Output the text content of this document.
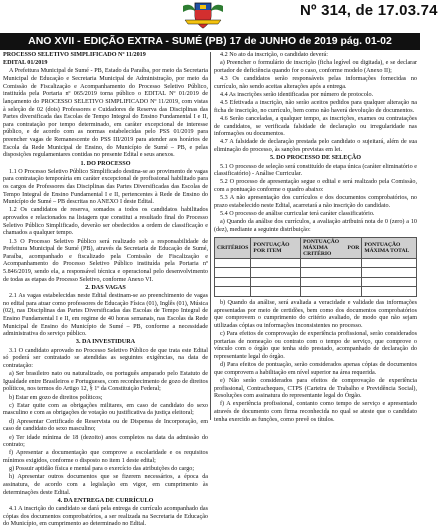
Nº 314, de 17.03.74
ANO XVII - EDIÇÃO EXTRA - SUMÉ (PB) 17 de JUNHO de 2019 pág. 01-02

PROCESSO SELETIVO SIMPLIFICADO Nº 11/2019

EDITAL 01/2019

A Prefeitura Municipal de Sumé - PB, Estado da Paraíba, por meio da Secretaria Municipal de Educação e Secretaria Municipal de Administração, por meio da Comissão de Fiscalização e Acompanhamento do Processo Seletivo Público, instituída pela Portaria nº 065/2019 torna público o EDITAL Nº 01/2019 de lançamento do PROCESSO SELETIVO SIMPLIFICADO Nº 11/2019, com vistas à seleção de 02 (dois) Professores e Cuidadores de Reserva das Disciplinas das Partes diversificada das Escolas de Tempo Integral do Ensino Fundamental I e II, para contratação por tempo determinado, em caráter excepcional de interesse público, e de acordo com as normas estabelecidas pelo PSS 01/2019 para preencher vagas de Remanescente do PSS III/2019 para atender aos horários de Escola da Rede Municipal de Ensino, do Município de Sumé – PB, e pelas disposições regulamentares contidas no presente Edital e seus anexos.

1. DO PROCESSO

1.1 O Processo Seletivo Público Simplificado destina-se ao provimento de vagas para contratação temporária em caráter excepcional de profissional habilitado para os cargos de Professores das Disciplinas das Partes Diversificadas das Escolas de Tempo Integral de Ensino Fundamental I e II, pertencentes à Rede de Ensino do Município de Sumé – PB descritas no ANEXO I deste Edital.

1.2 Os candidatos de reserva, somados a todos os candidatos habilitados aprovados e relacionados na listagem que constitui a resultado final do Processo Seletivo Público Simplificado, deverão ser obedecidos a ordem de classificação e chamados a qualquer tempo.

1.3 O Processo Seletivo Público será realizado sob a responsabilidade de Prefeitura Municipal de Sumé (PB), através da Secretaria de Educação de Sumé, Paraíba, acompanhado e fiscalizado pela Comissão de Fiscalização e Acompanhamento do Processo Seletivo Público instituída pela Portaria nº 5.846/2019, sendo ela, a responsável técnica e operacional pelo desenvolvimento de todas as etapas do Processo Seletivo, conforme Anexo VI.

2. DAS VAGAS

2.1 As vagas estabelecidas neste Edital destinam-se ao preenchimento de vagas no edital para atuar como professores de Educação Física (01), Inglês (01), Música (02), nas Disciplinas das Partes Diversificadas das Escolas de Tempo Integral de Ensino Fundamental I e II, em regime de 40 horas semanais, nas Escolas da Rede Municipal de Ensino do Município de Sumé – PB, conforme a necessidade administrativa do serviço público.

3. DA INVESTIDURA

3.1 O candidato aprovado no Processo Seletivo Público de que trata este Edital só poderá ser contratado se atendidas as seguintes exigências, na data de contratação:

a) Ser brasileiro nato ou naturalizado, ou português amparado pelo Estatuto de Igualdade entre Brasileiros e Portugueses, com reconhecimento de gozo de direitos políticos, nos termos do Artigo 12, § 1º da Constituição Federal;

b) Estar em gozo de direitos políticos;

c) Estar quite com as obrigações militares, em caso de candidato do sexo masculino e com as obrigações de votação ou justificativa da justiça eleitoral;

d) Apresentar Certificado de Reservista ou de Dispensa de Incorporação, em caso de candidato do sexo masculino;

e) Ter idade mínima de 18 (dezoito) anos completos na data da admissão do contrato;

f) Apresentar a documentação que comprove a escolaridade e os requisitos mínimos exigidos, conforme o disposto no item 1 deste edital;

g) Possuir aptidão física e mental para o exercício das atribuições do cargo;

h) Apresentar outros documentos que se fizerem necessários, a época da assinatura, de acordo com a legislação em vigor, em cumprimento às determinações deste Edital.

4. DA ENTREGA DE CURRÍCULO

4.1 A inscrição do candidato se dará pela entrega de currículo acompanhado das cópias dos documentos comprobatórios, a ser realizada na Secretaria de Educação do Município, em cumprimento ao determinado no Edital.

4.2 No ato da inscrição, o candidato deverá:

a) Preencher o formulário de inscrição (ficha legível ou digitada), e se declarar portador de deficiência quando for o caso, conforme modelo (Anexo II);

4.3 Os candidatos serão responsáveis pelas informações fornecidas no currículo, não sendo aceitas alterações após a entrega.

4.4 As inscrições serão identificadas por número de protocolo.

4.5 Efetivada a inscrição, não serão aceitos pedidos para qualquer alteração na ficha de inscrição, no currículo, bem como não haverá devolução de documentos.

4.6 Serão canceladas, a qualquer tempo, as inscrições, exames ou contratações de candidatos, se verificada falsidade de declaração ou irregularidade nas informações ou documentos.

4.7 A falsidade de declaração prestada pelo candidato o sujeitará, além de sua eliminação do processo, às sanções previstas em lei.

5. DO PROCESSO DE SELEÇÃO

5.1 O processo de seleção será constituído de etapa única (caráter eliminatório e classificatório) - Análise Curricular.

5.2 O processo de apresentação segue o edital e será realizado pela Comissão, com a pontuação conforme o quadro abaixo:

5.3 A não apresentação dos currículos e dos documentos comprobatórios, no prazo estabelecido neste Edital, acarretará a não inscrição do candidato.

5.4 O processo de análise curricular terá caráter classificatório.

a) Quando da análise dos currículos, a avaliação atribuirá nota de 0 (zero) a 10 (dez), mediante a seguinte distribuição:

CRITÉRIOS	PONTUAÇÃO POR ITEM	PONTUAÇÃO MÁXIMA POR CRITÉRIO	PONTUAÇÃO MÁXIMA TOTAL

b) Quando da análise, será avaliada a veracidade e validade das informações apresentadas por meio de certidões, bem como dos documentos comprobatórios que comprovem o cumprimento do critério avaliado, de modo que não sejam utilizadas cópias ou informações inconsistentes no processo.

c) Para efeitos de comprovação de experiência profissional, serão considerados portarias de nomeação ou contrato com o tempo de serviço, que comprove o vínculo com o órgão que tenha sido prestado, acompanhado de declaração do representante legal do órgão.

d) Para efeitos de pontuação, serão considerados apenas cópias de documentos que comprovem a habilitação em nível superior na área requerida.

e) Não serão considerados para efeitos de comprovação de experiência profissional, Contracheques, CTPS (Carteira de Trabalho e Previdência Social), Resoluções com assinatura do representante legal do Órgão.

f) A experiência profissional, contanto como tempo de serviço e apresentado através de documento com firma reconhecida no qual se ateste que o candidato tenha exercido as funções, como prevê os títulos.
